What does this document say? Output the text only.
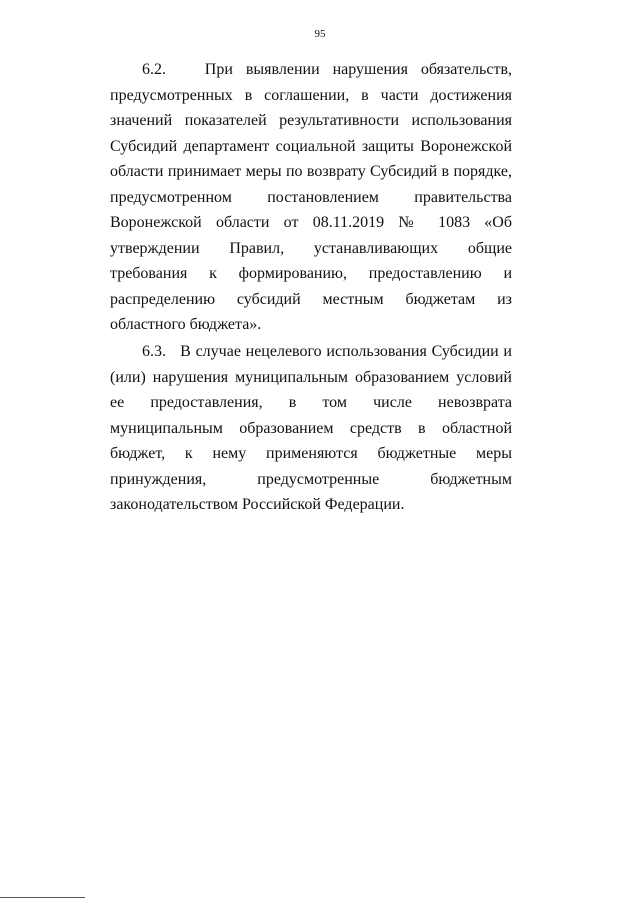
95

6.2.   При выявлении нарушения обязательств, предусмотренных в соглашении, в части достижения значений показателей результативности использования Субсидий департамент социальной защиты Воронежской области принимает меры по возврату Субсидий в порядке, предусмотренном постановлением правительства Воронежской области от 08.11.2019 № 1083 «Об утверждении Правил, устанавливающих общие требования к формированию, предоставлению и распределению субсидий местным бюджетам из областного бюджета».

6.3.   В случае нецелевого использования Субсидии и (или) нарушения муниципальным образованием условий ее предоставления, в том числе невозврата муниципальным образованием средств в областной бюджет, к нему применяются бюджетные меры принуждения, предусмотренные бюджетным законодательством Российской Федерации.
